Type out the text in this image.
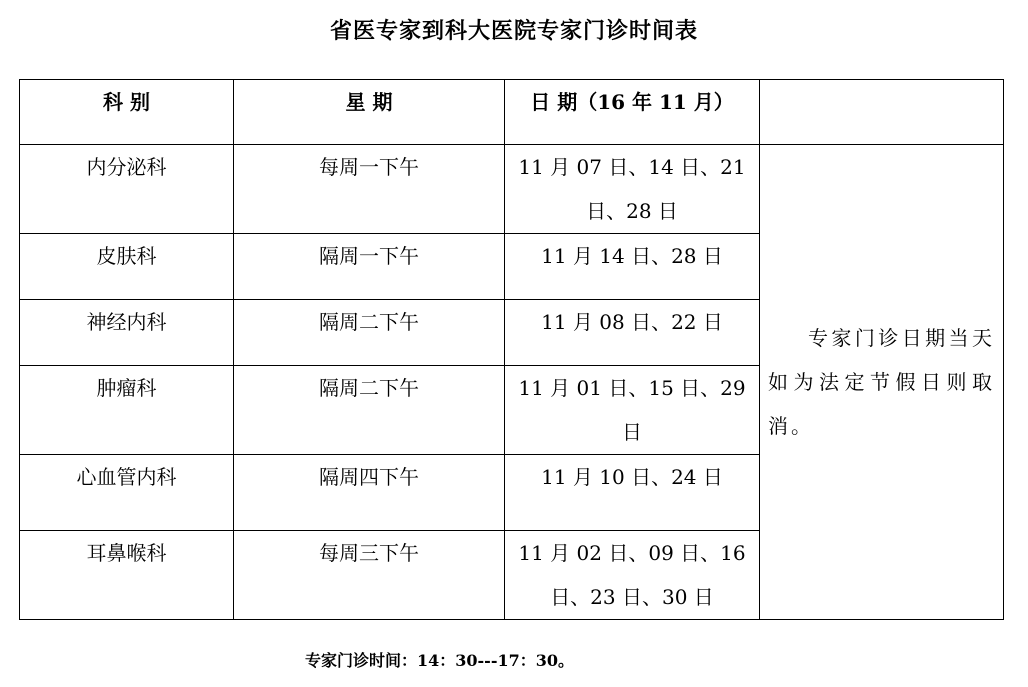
省医专家到科大医院专家门诊时间表
科 别	星 期	日 期（16 年 11 月）	
内分泌科	每周一下午	11 月 07 日、14 日、21 日、28 日	专家门诊日期当天如为法定节假日则取消。

皮肤科	隔周一下午	11 月 14 日、28 日	
神经内科	隔周二下午	11 月 08 日、22 日	
肿瘤科	隔周二下午	11 月 01 日、15 日、29 日	
心血管内科	隔周四下午	11 月 10 日、24 日	
耳鼻喉科	每周三下午	11 月 02 日、09 日、16 日、23 日、30 日	
专家门诊时间：14：30---17：30。
